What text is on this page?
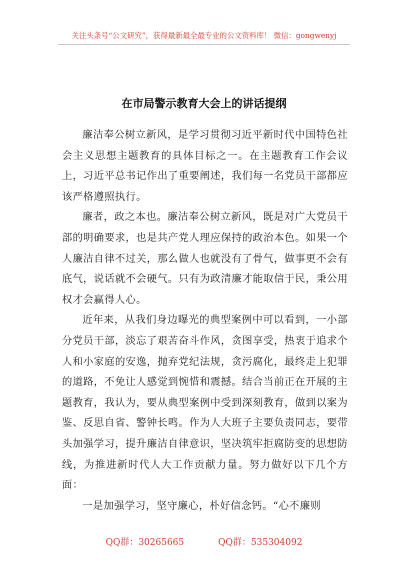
关注头条号“公文研究”，获得最新最全最专业的公文资料库！ 微信：gongwenyj
在市局警示教育大会上的讲话提纲

廉洁奉公树立新风，是学习贯彻习近平新时代中国特色社会主义思想主题教育的具体目标之一。在主题教育工作会议上，习近平总书记作出了重要阐述，我们每一名党员干部都应该严格遵照执行。

廉者，政之本也。廉洁奉公树立新风，既是对广大党员干部的明确要求，也是共产党人理应保持的政治本色。如果一个人廉洁自律不过关，那么做人也就没有了骨气，做事更不会有底气，说话就不会硬气。只有为政清廉才能取信于民，秉公用权才会赢得人心。

近年来，从我们身边曝光的典型案例中可以看到，一小部分党员干部，淡忘了艰苦奋斗作风，贪图享受，热衷于追求个人和小家庭的安逸，抛弃党纪法规，贪污腐化，最终走上犯罪的道路，不免让人感觉到惋惜和震撼。结合当前正在开展的主题教育，我认为，要从典型案例中受到深刻教育，做到以案为鉴、反思自省、警钟长鸣。作为人大班子主要负责同志，要带头加强学习，提升廉洁自律意识，坚决筑牢拒腐防变的思想防线，为推进新时代人大工作贡献力量。努力做好以下几个方面：

一是加强学习，坚守廉心，朴好信念钙。“心不廉则
QQ群：30265665	QQ群：535304092
